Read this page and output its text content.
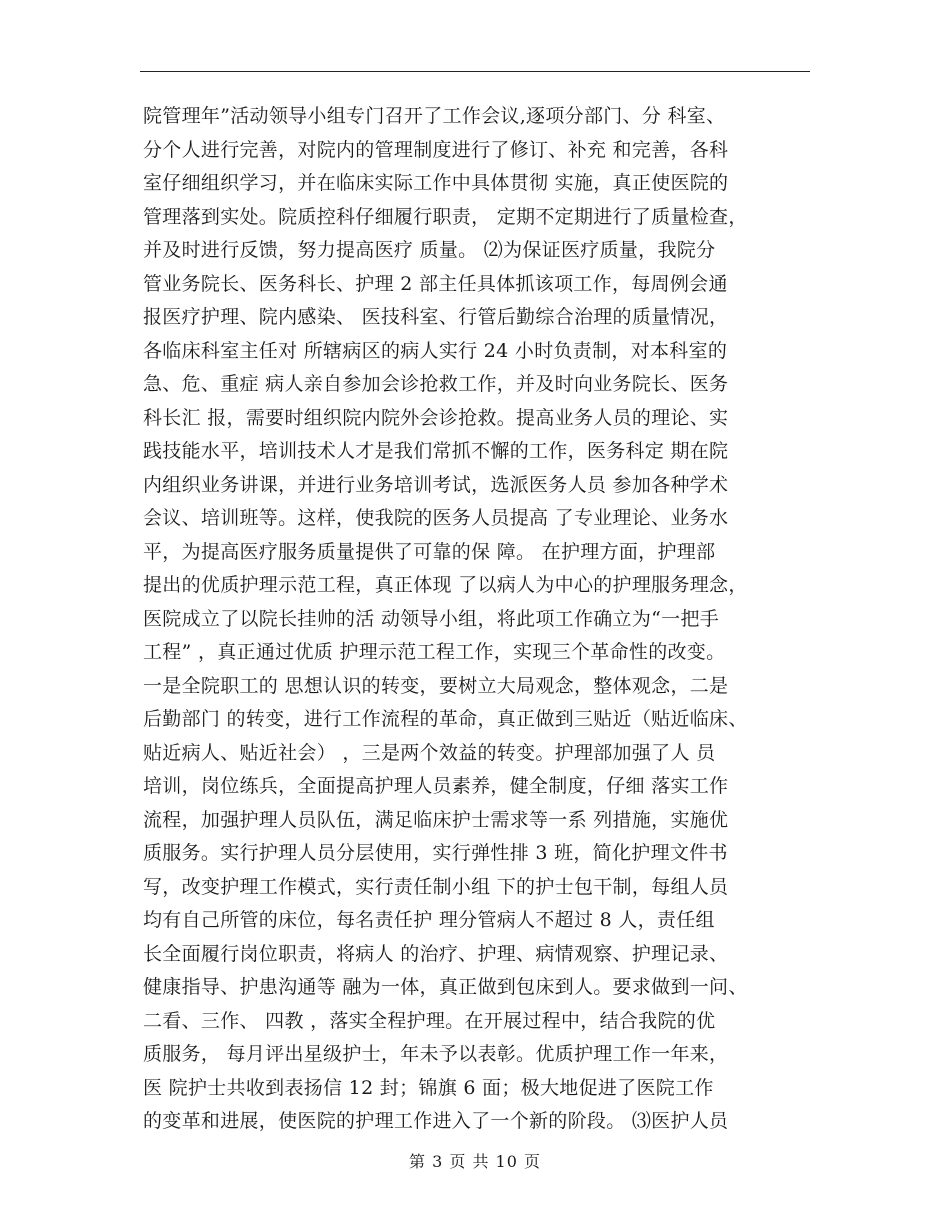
院管理年”活动领导小组专门召开了工作会议,逐项分部门、分 科室、
分个人进行完善，对院内的管理制度进行了修订、补充 和完善，各科
室仔细组织学习，并在临床实际工作中具体贯彻 实施，真正使医院的
管理落到实处。院质控科仔细履行职责， 定期不定期进行了质量检查，
并及时进行反馈，努力提高医疗 质量。 ⑵为保证医疗质量，我院分
管业务院长、医务科长、护理 2 部主任具体抓该项工作，每周例会通
报医疗护理、院内感染、 医技科室、行管后勤综合治理的质量情况，
各临床科室主任对 所辖病区的病人实行 24 小时负责制，对本科室的
急、危、重症 病人亲自参加会诊抢救工作，并及时向业务院长、医务
科长汇 报，需要时组织院内院外会诊抢救。提高业务人员的理论、实
践技能水平，培训技术人才是我们常抓不懈的工作，医务科定 期在院
内组织业务讲课，并进行业务培训考试，选派医务人员 参加各种学术
会议、培训班等。这样，使我院的医务人员提高 了专业理论、业务水
平，为提高医疗服务质量提供了可靠的保 障。 在护理方面，护理部
提出的优质护理示范工程，真正体现 了以病人为中心的护理服务理念，
医院成立了以院长挂帅的活 动领导小组，将此项工作确立为“一把手
工程” ，真正通过优质 护理示范工程工作，实现三个革命性的改变。
一是全院职工的 思想认识的转变，要树立大局观念，整体观念，二是
后勤部门 的转变，进行工作流程的革命，真正做到三贴近（贴近临床、
贴近病人、贴近社会） ，三是两个效益的转变。护理部加强了人 员
培训，岗位练兵，全面提高护理人员素养，健全制度，仔细 落实工作
流程，加强护理人员队伍，满足临床护士需求等一系 列措施，实施优
质服务。实行护理人员分层使用，实行弹性排 3 班，简化护理文件书
写，改变护理工作模式，实行责任制小组 下的护士包干制，每组人员
均有自己所管的床位，每名责任护 理分管病人不超过 8 人，责任组
长全面履行岗位职责，将病人 的治疗、护理、病情观察、护理记录、
健康指导、护患沟通等 融为一体，真正做到包床到人。要求做到一问、
二看、三作、 四教 ，落实全程护理。在开展过程中，结合我院的优
质服务， 每月评出星级护士，年未予以表彰。优质护理工作一年来，
医 院护士共收到表扬信 12 封；锦旗 6 面；极大地促进了医院工作
的变革和进展，使医院的护理工作进入了一个新的阶段。 ⑶医护人员
第 3 页 共 10 页
